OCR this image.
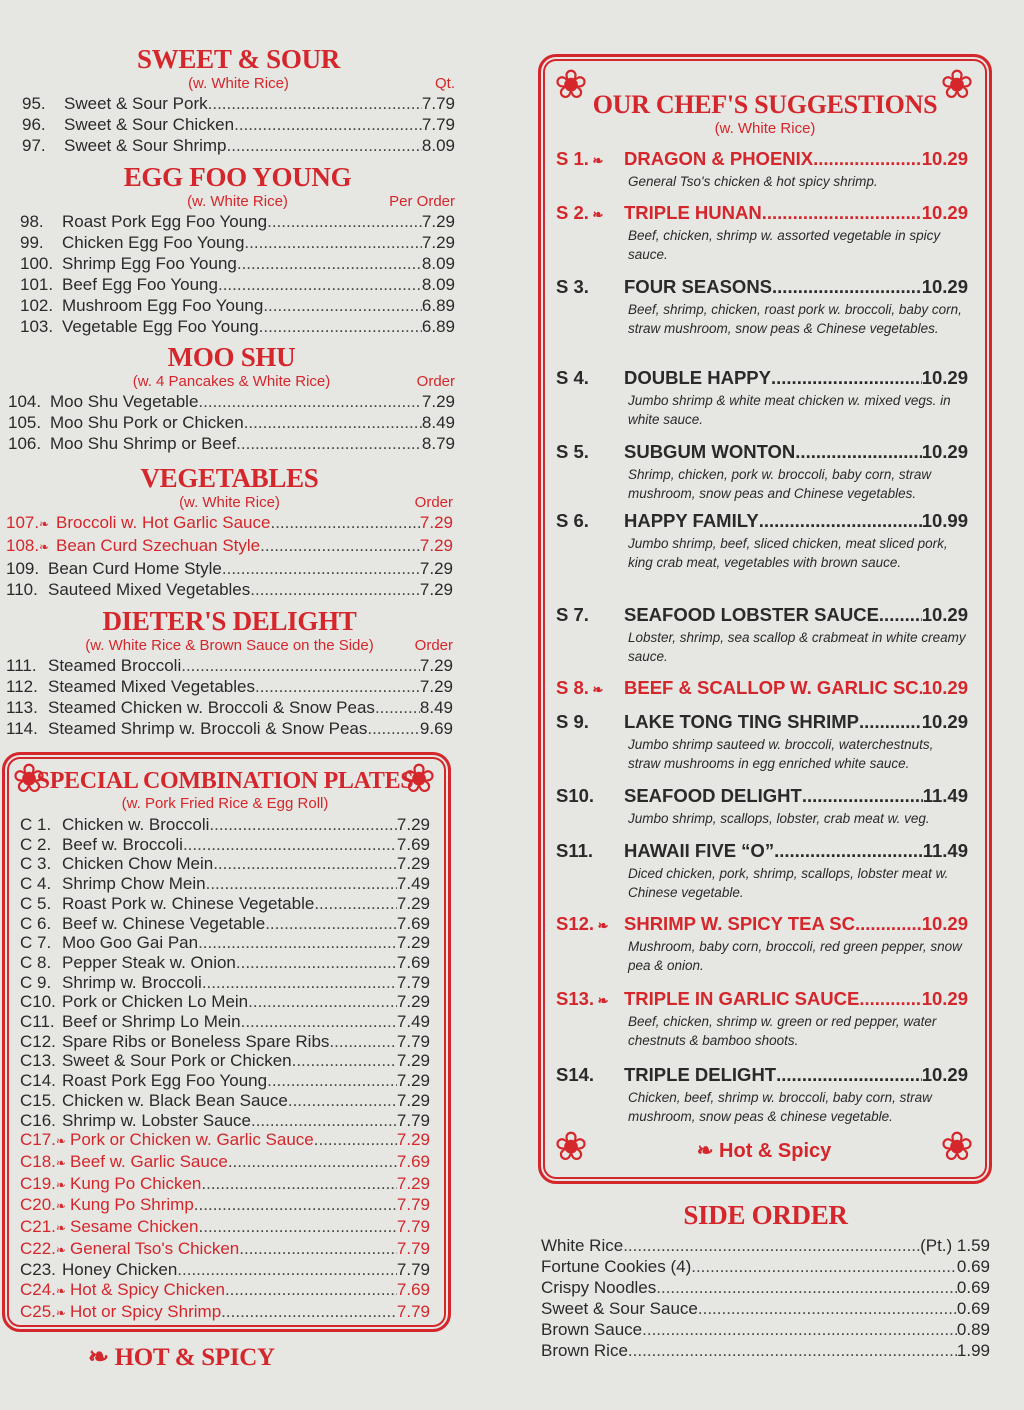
SWEET & SOUR
(w. White Rice)	Qt.
95.	Sweet & Sour Pork .....	7.79
96.	Sweet & Sour Chicken .....	7.79
97.	Sweet & Sour Shrimp .....	8.09
EGG FOO YOUNG
(w. White Rice)	Per Order
98.	Roast Pork Egg Foo Young .....	7.29
99.	Chicken Egg Foo Young .....	7.29
100. Shrimp Egg Foo Young .....	8.09
101. Beef Egg Foo Young .....	8.09
102. Mushroom Egg Foo Young .....	6.89
103. Vegetable Egg Foo Young .....	6.89
MOO SHU
(w. 4 Pancakes & White Rice)	Order
104. Moo Shu Vegetable .....	7.29
105. Moo Shu Pork or Chicken .....	8.49
106. Moo Shu Shrimp or Beef .....	8.79
VEGETABLES
(w. White Rice)	Order
107.❧ Broccoli w. Hot Garlic Sauce .....	7.29
108.❧ Bean Curd Szechuan Style .....	7.29
109. Bean Curd Home Style .....	7.29
110. Sauteed Mixed Vegetables .....	7.29
DIETER'S DELIGHT
(w. White Rice & Brown Sauce on the Side)	Order
111. Steamed Broccoli .....	7.29
112. Steamed Mixed Vegetables .....	7.29
113. Steamed Chicken w. Broccoli & Snow Peas .....	8.49
114. Steamed Shrimp w. Broccoli & Snow Peas .....	9.69
❀	❀
SPECIAL COMBINATION PLATES
(w. Pork Fried Rice & Egg Roll)
C 1. Chicken w. Broccoli .....	7.29
C 2. Beef w. Broccoli .....	7.69
C 3. Chicken Chow Mein .....	7.29
C 4. Shrimp Chow Mein .....	7.49
C 5. Roast Pork w. Chinese Vegetable .....	7.29
C 6. Beef w. Chinese Vegetable .....	7.69
C 7. Moo Goo Gai Pan .....	7.29
C 8. Pepper Steak w. Onion .....	7.69
C 9. Shrimp w. Broccoli .....	7.79
C10. Pork or Chicken Lo Mein .....	7.29
C11. Beef or Shrimp Lo Mein .....	7.49
C12. Spare Ribs or Boneless Spare Ribs .....	7.79
C13. Sweet & Sour Pork or Chicken .....	7.29
C14. Roast Pork Egg Foo Young .....	7.29
C15. Chicken w. Black Bean Sauce .....	7.29
C16. Shrimp w. Lobster Sauce .....	7.79
C17.❧ Pork or Chicken w. Garlic Sauce .....	7.29
C18.❧ Beef w. Garlic Sauce .....	7.69
C19.❧ Kung Po Chicken .....	7.29
C20.❧ Kung Po Shrimp .....	7.79
C21.❧ Sesame Chicken .....	7.79
C22.❧ General Tso's Chicken .....	7.79
C23. Honey Chicken .....	7.79
C24.❧ Hot & Spicy Chicken .....	7.69
C25.❧ Hot or Spicy Shrimp .....	7.79
❧ HOT & SPICY
❀	❀
❀	❀
OUR CHEF'S SUGGESTIONS
(w. White Rice)
S 1. ❧	DRAGON & PHOENIX .....	10.29
General Tso's chicken & hot spicy shrimp.
S 2. ❧	TRIPLE HUNAN .....	10.29
Beef, chicken, shrimp w. assorted vegetable in spicy sauce.
S 3.	FOUR SEASONS .....	10.29
Beef, shrimp, chicken, roast pork w. broccoli, baby corn, straw mushroom, snow peas & Chinese vegetables.
S 4.	DOUBLE HAPPY .....	10.29
Jumbo shrimp & white meat chicken w. mixed vegs. in white sauce.
S 5.	SUBGUM WONTON .....	10.29
Shrimp, chicken, pork w. broccoli, baby corn, straw mushroom, snow peas and Chinese vegetables.
S 6.	HAPPY FAMILY .....	10.99
Jumbo shrimp, beef, sliced chicken, meat sliced pork, king crab meat, vegetables with brown sauce.
S 7.	SEAFOOD LOBSTER SAUCE ..... 10.29
Lobster, shrimp, sea scallop & crabmeat in white creamy sauce.
S 8. ❧	BEEF & SCALLOP W. GARLIC SC ..... 10.29
S 9.	LAKE TONG TING SHRIMP .....	10.29
Jumbo shrimp sauteed w. broccoli, waterchestnuts, straw mushrooms in egg enriched white sauce.
S10.	SEAFOOD DELIGHT .....	11.49
Jumbo shrimp, scallops, lobster, crab meat w. veg.
S11.	HAWAII FIVE “O” .....	11.49
Diced chicken, pork, shrimp, scallops, lobster meat w. Chinese vegetable.
S12. ❧ SHRIMP W. SPICY TEA SC .....	10.29
Mushroom, baby corn, broccoli, red green pepper, snow pea & onion.
S13. ❧ TRIPLE IN GARLIC SAUCE .....	10.29
Beef, chicken, shrimp w. green or red pepper, water chestnuts & bamboo shoots.
S14.	TRIPLE DELIGHT .....	10.29
Chicken, beef, shrimp w. broccoli, baby corn, straw mushroom, snow peas & chinese vegetable.
❧ Hot & Spicy
SIDE ORDER
White Rice .....	(Pt.) 1.59
Fortune Cookies (4) .....	0.69
Crispy Noodles .....	0.69
Sweet & Sour Sauce .....	0.69
Brown Sauce .....	0.89
Brown Rice .....	1.99
